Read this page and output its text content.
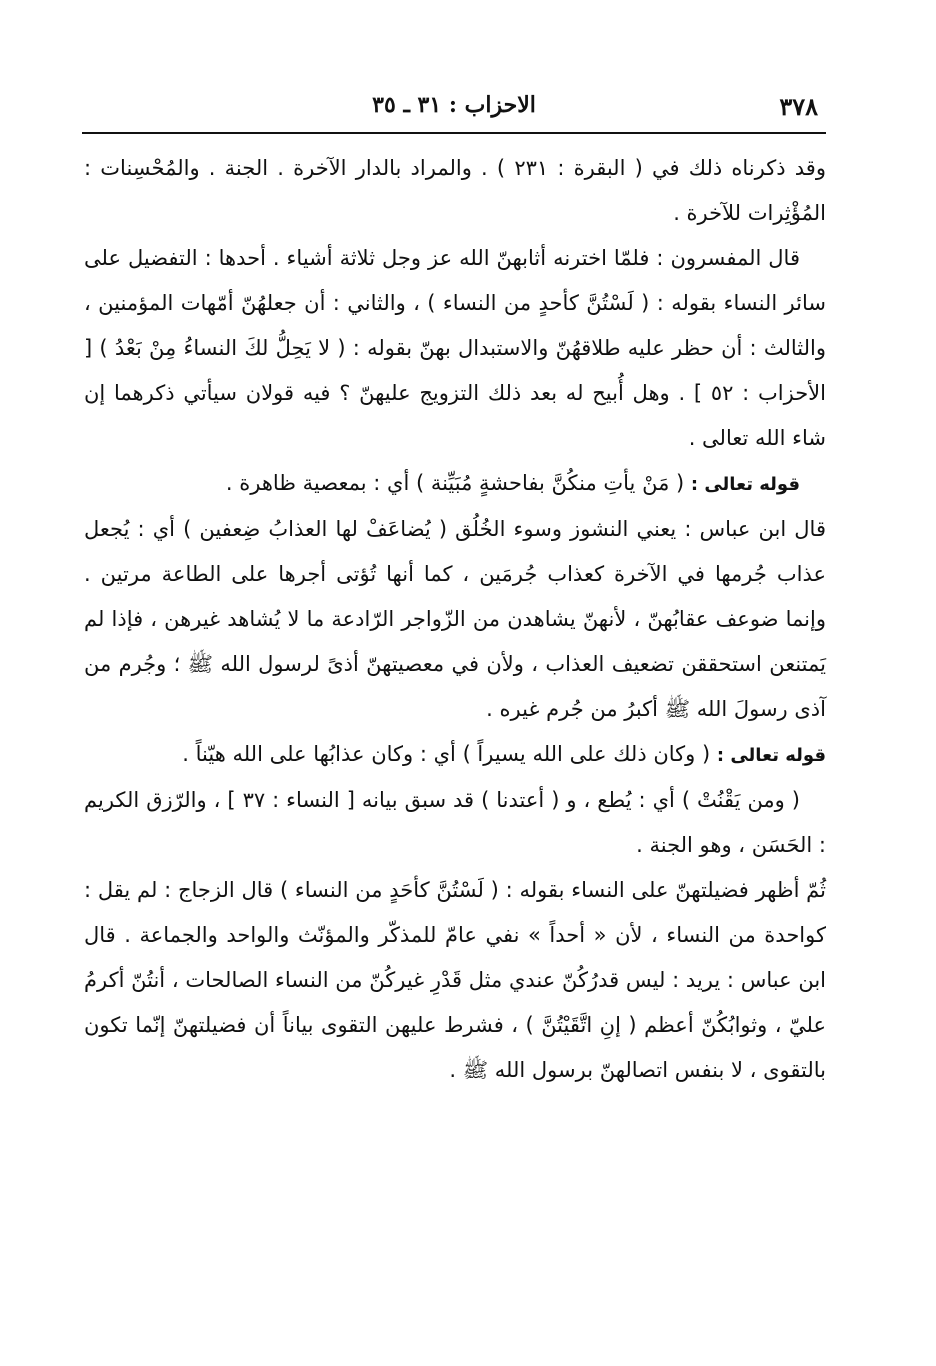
٣٧٨
الاحزاب : ٣١ ـ ٣٥

وقد ذكرناه ذلك في ( البقرة : ٢٣١ ) . والمراد بالدار الآخرة . الجنة . والمُحْسِنات : المُؤْثِرات للآخرة .

قال المفسرون : فلمّا اخترنه أثابهنّ الله عز وجل ثلاثة أشياء . أحدها : التفضيل على سائر النساء بقوله : ( لَسْتُنَّ كأحدٍ من النساء ) ، والثاني : أن جعلهُنّ أمّهات المؤمنين ، والثالث : أن حظر عليه طلاقهُنّ والاستبدال بهنّ بقوله : ( لا يَحِلُّ لكَ النساءُ مِنْ بَعْدُ ) [ الأحزاب : ٥٢ ] . وهل أُبيح له بعد ذلك التزويج عليهنّ ؟ فيه قولان سيأتي ذكرهما إن شاء الله تعالى .

قوله تعالى : ( مَنْ يأتِ منكُنَّ بفاحشةٍ مُبَيِّنة ) أي : بمعصية ظاهرة .

قال ابن عباس : يعني النشوز وسوء الخُلُق ( يُضاعَفْ لها العذابُ ضِعفين ) أي : يُجعل عذاب جُرمها في الآخرة كعذاب جُرمَين ، كما أنها تُؤتى أجرها على الطاعة مرتين . وإنما ضوعف عقابُهنّ ، لأنهنّ يشاهدن من الزّواجر الرّادعة ما لا يُشاهد غيرهن ، فإذا لم يَمتنعن استحققن تضعيف العذاب ، ولأن في معصيتهنّ أذىً لرسول الله ﷺ ؛ وجُرم من آذى رسولَ الله ﷺ أكبرُ من جُرم غيره .

قوله تعالى : ( وكان ذلك على الله يسيراً ) أي : وكان عذابُها على الله هيّناً .

( ومن يَقْنُتْ ) أي : يُطع ، و ( أعتدنا ) قد سبق بيانه [ النساء : ٣٧ ] ، والرّزق الكريم : الحَسَن ، وهو الجنة .

ثُمّ أظهر فضيلتهنّ على النساء بقوله : ( لَسْتُنَّ كأحَدٍ من النساء ) قال الزجاج : لم يقل : كواحدة من النساء ، لأن « أحداً » نفي عامّ للمذكّر والمؤنّث والواحد والجماعة . قال ابن عباس : يريد : ليس قدرُكُنّ عندي مثل قَدْرِ غيركُنّ من النساء الصالحات ، أنتُنّ أكرمُ عليّ ، وثوابُكُنّ أعظم ( إنِ اتَّقَيْتُنَّ ) ، فشرط عليهن التقوى بياناً أن فضيلتهنّ إنّما تكون بالتقوى ، لا بنفس اتصالهنّ برسول الله ﷺ .
